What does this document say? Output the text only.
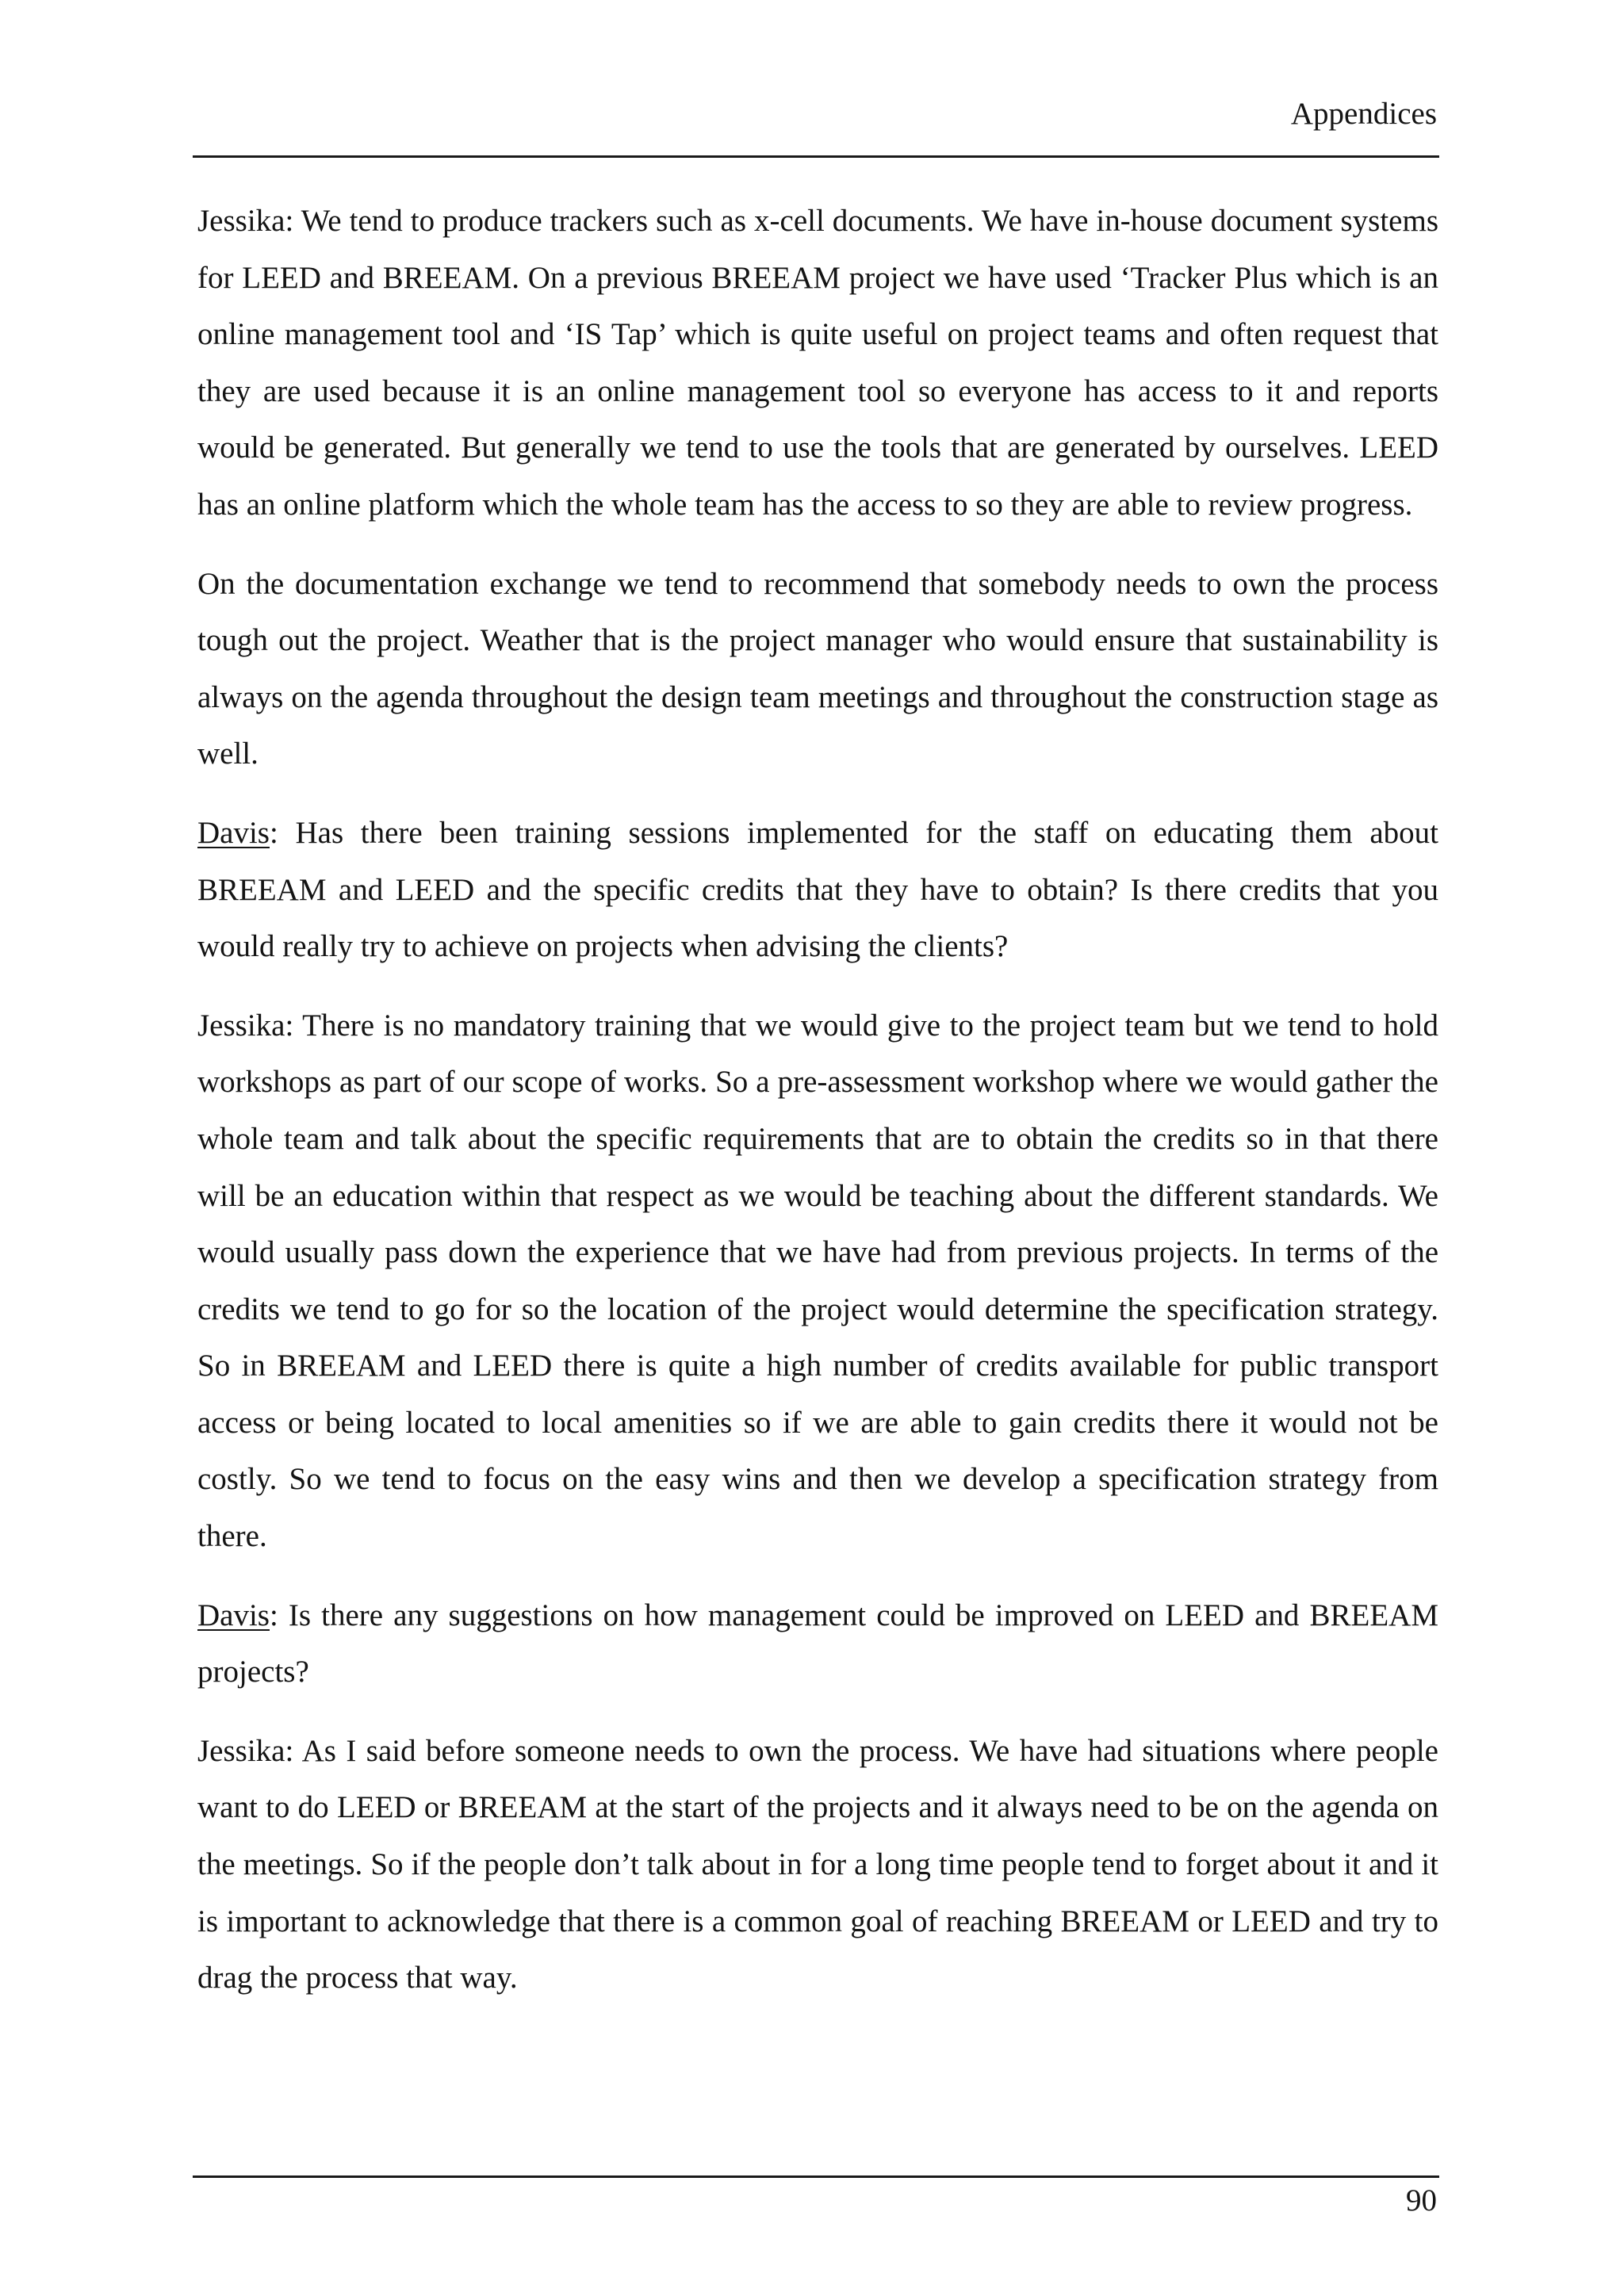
Appendices

Jessika: We tend to produce trackers such as x-cell documents. We have in-house document systems for LEED and BREEAM. On a previous BREEAM project we have used ‘Tracker Plus which is an online management tool and ‘IS Tap’ which is quite useful on project teams and often request that they are used because it is an online management tool so everyone has access to it and reports would be generated. But generally we tend to use the tools that are generated by ourselves. LEED has an online platform which the whole team has the access to so they are able to review progress.

On the documentation exchange we tend to recommend that somebody needs to own the process tough out the project. Weather that is the project manager who would ensure that sustainability is always on the agenda throughout the design team meetings and throughout the construction stage as well.

Davis: Has there been training sessions implemented for the staff on educating them about BREEAM and LEED and the specific credits that they have to obtain? Is there credits that you would really try to achieve on projects when advising the clients?

Jessika: There is no mandatory training that we would give to the project team but we tend to hold workshops as part of our scope of works. So a pre-assessment workshop where we would gather the whole team and talk about the specific requirements that are to obtain the credits so in that there will be an education within that respect as we would be teaching about the different standards. We would usually pass down the experience that we have had from previous projects. In terms of the credits we tend to go for so the location of the project would determine the specification strategy. So in BREEAM and LEED there is quite a high number of credits available for public transport access or being located to local amenities so if we are able to gain credits there it would not be costly. So we tend to focus on the easy wins and then we develop a specification strategy from there.

Davis: Is there any suggestions on how management could be improved on LEED and BREEAM projects?

Jessika: As I said before someone needs to own the process. We have had situations where people want to do LEED or BREEAM at the start of the projects and it always need to be on the agenda on the meetings. So if the people don’t talk about in for a long time people tend to forget about it and it is important to acknowledge that there is a common goal of reaching BREEAM or LEED and try to drag the process that way.

90
